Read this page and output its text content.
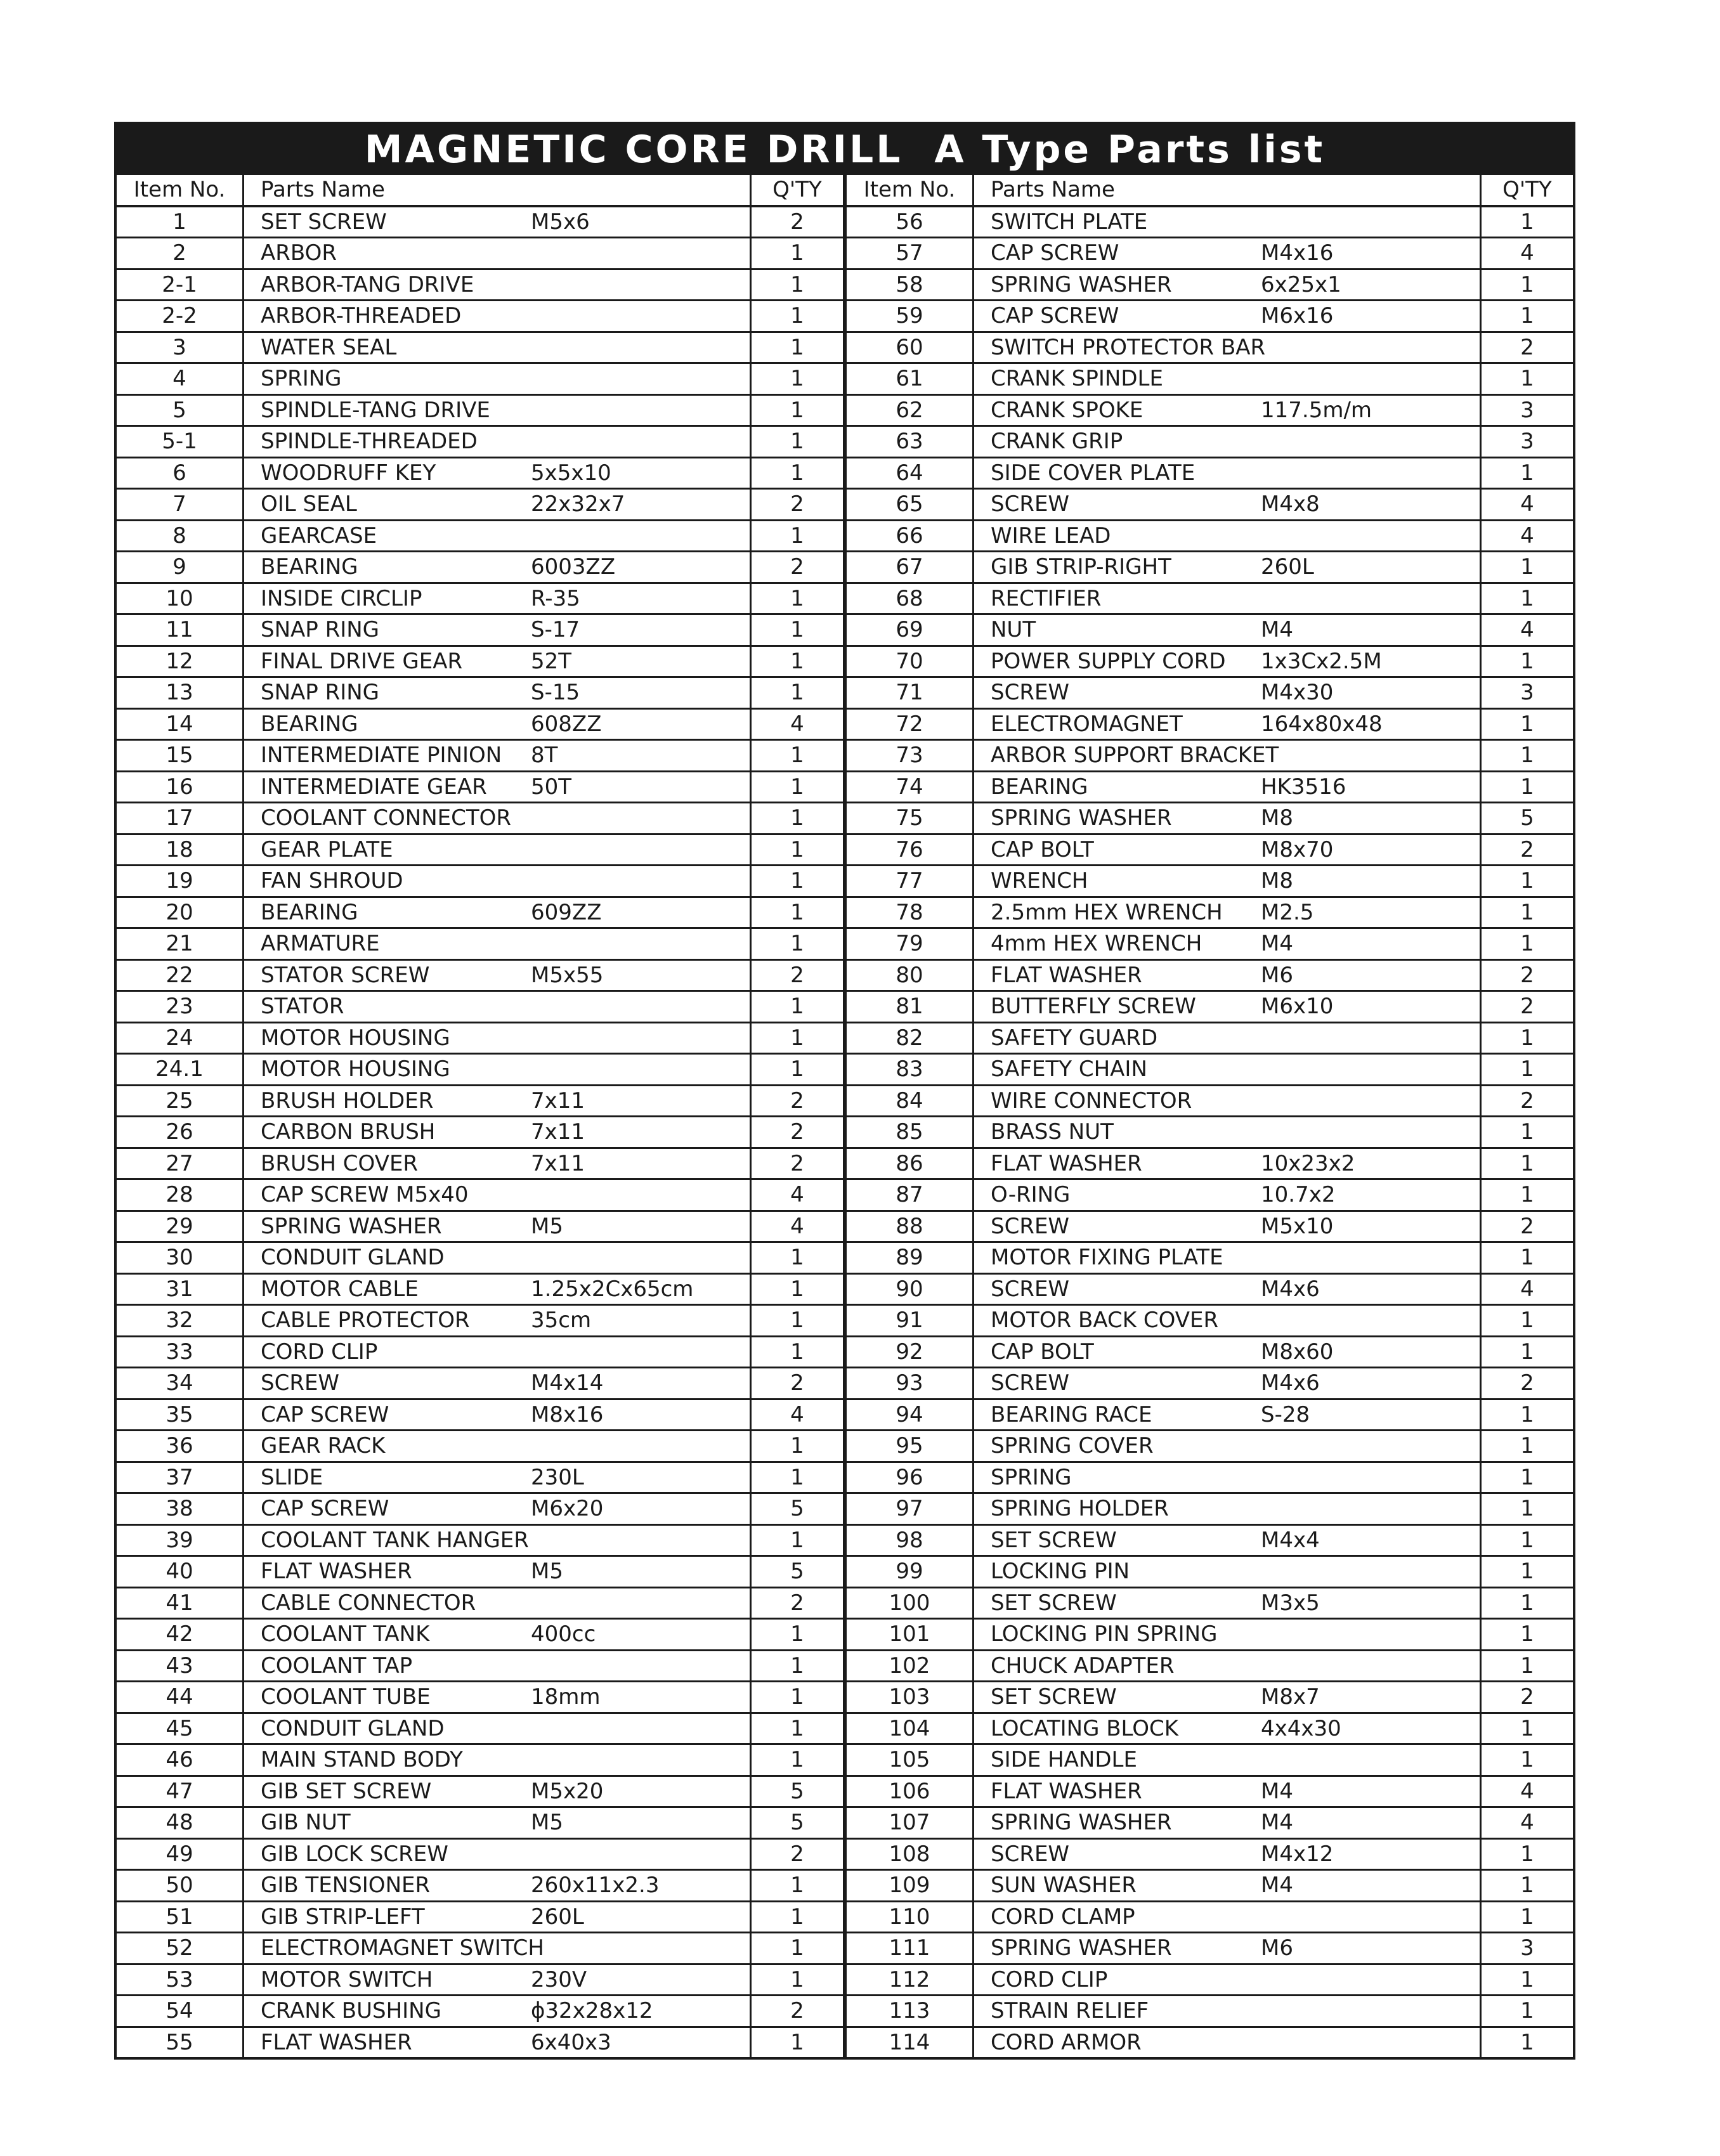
MAGNETIC CORE DRILL  A Type Parts list
Item No.	Parts Name	Q'TY
1	SET SCREW M5x6	2
2	ARBOR	1
2-1	ARBOR-TANG DRIVE	1
2-2	ARBOR-THREADED	1
3	WATER SEAL	1
4	SPRING	1
5	SPINDLE-TANG DRIVE	1
5-1	SPINDLE-THREADED	1
6	WOODRUFF KEY 5x5x10	1
7	OIL SEAL 22x32x7	2
8	GEARCASE	1
9	BEARING 6003ZZ	2
10	INSIDE CIRCLIP R-35	1
11	SNAP RING S-17	1
12	FINAL DRIVE GEAR 52T	1
13	SNAP RING S-15	1
14	BEARING 608ZZ	4
15	INTERMEDIATE PINION 8T	1
16	INTERMEDIATE GEAR 50T	1
17	COOLANT CONNECTOR	1
18	GEAR PLATE	1
19	FAN SHROUD	1
20	BEARING 609ZZ	1
21	ARMATURE	1
22	STATOR SCREW M5x55	2
23	STATOR	1
24	MOTOR HOUSING	1
24.1	MOTOR HOUSING	1
25	BRUSH HOLDER 7x11	2
26	CARBON BRUSH 7x11	2
27	BRUSH COVER 7x11	2
28	CAP SCREW M5x40	4
29	SPRING WASHER M5	4
30	CONDUIT GLAND	1
31	MOTOR CABLE 1.25x2Cx65cm	1
32	CABLE PROTECTOR 35cm	1
33	CORD CLIP	1
34	SCREW M4x14	2
35	CAP SCREW M8x16	4
36	GEAR RACK	1
37	SLIDE 230L	1
38	CAP SCREW M6x20	5
39	COOLANT TANK HANGER	1
40	FLAT WASHER M5	5
41	CABLE CONNECTOR	2
42	COOLANT TANK 400cc	1
43	COOLANT TAP	1
44	COOLANT TUBE 18mm	1
45	CONDUIT GLAND	1
46	MAIN STAND BODY	1
47	GIB SET SCREW M5x20	5
48	GIB NUT M5	5
49	GIB LOCK SCREW	2
50	GIB TENSIONER 260x11x2.3	1
51	GIB STRIP-LEFT 260L	1
52	ELECTROMAGNET SWITCH	1
53	MOTOR SWITCH 230V	1
54	CRANK BUSHING ϕ32x28x12	2
55	FLAT WASHER 6x40x3	1
Item No.	Parts Name	Q'TY
56	SWITCH PLATE	1
57	CAP SCREW M4x16	4
58	SPRING WASHER 6x25x1	1
59	CAP SCREW M6x16	1
60	SWITCH PROTECTOR BAR	2
61	CRANK SPINDLE	1
62	CRANK SPOKE 117.5m/m	3
63	CRANK GRIP	3
64	SIDE COVER PLATE	1
65	SCREW M4x8	4
66	WIRE LEAD	4
67	GIB STRIP-RIGHT 260L	1
68	RECTIFIER	1
69	NUT M4	4
70	POWER SUPPLY CORD 1x3Cx2.5M	1
71	SCREW M4x30	3
72	ELECTROMAGNET 164x80x48	1
73	ARBOR SUPPORT BRACKET	1
74	BEARING HK3516	1
75	SPRING WASHER M8	5
76	CAP BOLT M8x70	2
77	WRENCH M8	1
78	2.5mm HEX WRENCH M2.5	1
79	4mm HEX WRENCH M4	1
80	FLAT WASHER M6	2
81	BUTTERFLY SCREW M6x10	2
82	SAFETY GUARD	1
83	SAFETY CHAIN	1
84	WIRE CONNECTOR	2
85	BRASS NUT	1
86	FLAT WASHER 10x23x2	1
87	O-RING 10.7x2	1
88	SCREW M5x10	2
89	MOTOR FIXING PLATE	1
90	SCREW M4x6	4
91	MOTOR BACK COVER	1
92	CAP BOLT M8x60	1
93	SCREW M4x6	2
94	BEARING RACE S-28	1
95	SPRING COVER	1
96	SPRING	1
97	SPRING HOLDER	1
98	SET SCREW M4x4	1
99	LOCKING PIN	1
100	SET SCREW M3x5	1
101	LOCKING PIN SPRING	1
102	CHUCK ADAPTER	1
103	SET SCREW M8x7	2
104	LOCATING BLOCK 4x4x30	1
105	SIDE HANDLE	1
106	FLAT WASHER M4	4
107	SPRING WASHER M4	4
108	SCREW M4x12	1
109	SUN WASHER M4	1
110	CORD CLAMP	1
111	SPRING WASHER M6	3
112	CORD CLIP	1
113	STRAIN RELIEF	1
114	CORD ARMOR	1
